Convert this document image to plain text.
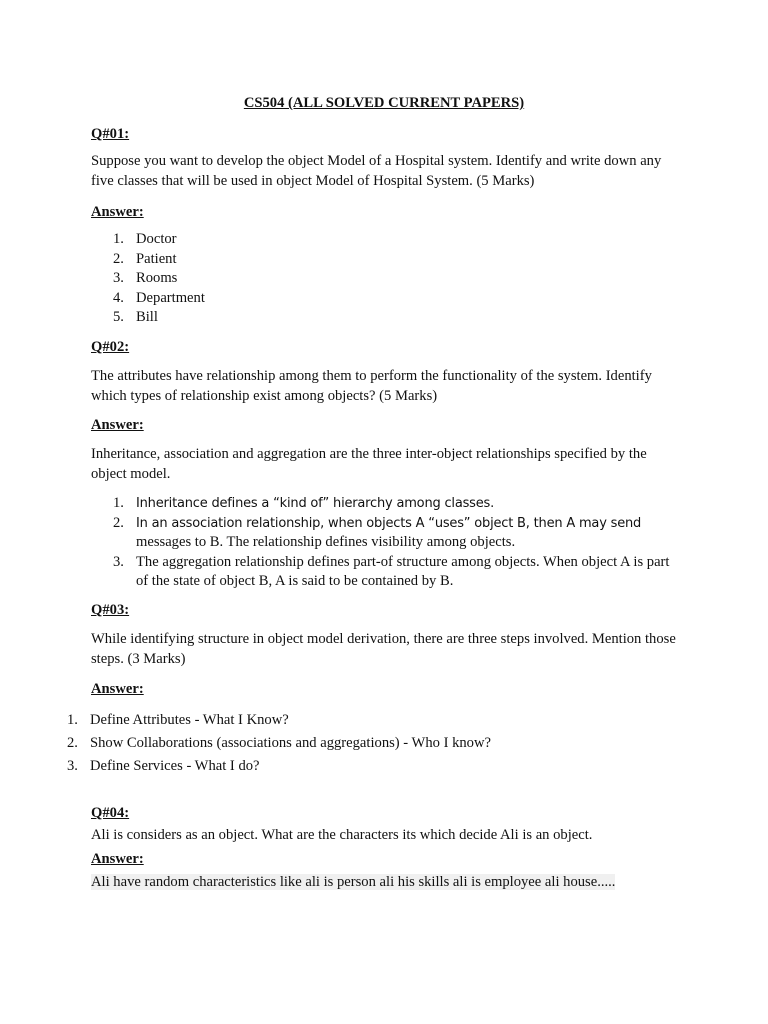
CS504 (ALL SOLVED CURRENT PAPERS)
Q#01:

Suppose you want to develop the object Model of a Hospital system. Identify and write down any five classes that will be used in object Model of Hospital System. (5 Marks)

Answer:
1. Doctor
2. Patient
3. Rooms
4. Department
5. Bill
Q#02:

The attributes have relationship among them to perform the functionality of the system. Identify which types of relationship exist among objects? (5 Marks)

Answer:

Inheritance, association and aggregation are the three inter-object relationships specified by the object model.

1. Inheritance defines a “kind of” hierarchy among classes.
2. In an association relationship, when objects A “uses” object B, then A may send
messages to B. The relationship defines visibility among objects.
3. The aggregation relationship defines part-of structure among objects. When object A is part of the state of object B, A is said to be contained by B.
Q#03:

While identifying structure in object model derivation, there are three steps involved. Mention those steps. (3 Marks)

Answer:
1. Define Attributes - What I Know?
2. Show Collaborations (associations and aggregations) - Who I know?
3. Define Services - What I do?
Q#04:

Ali is considers as an object. What are the characters its which decide Ali is an object.

Answer:

Ali have random characteristics like ali is person ali his skills ali is employee ali house.....
